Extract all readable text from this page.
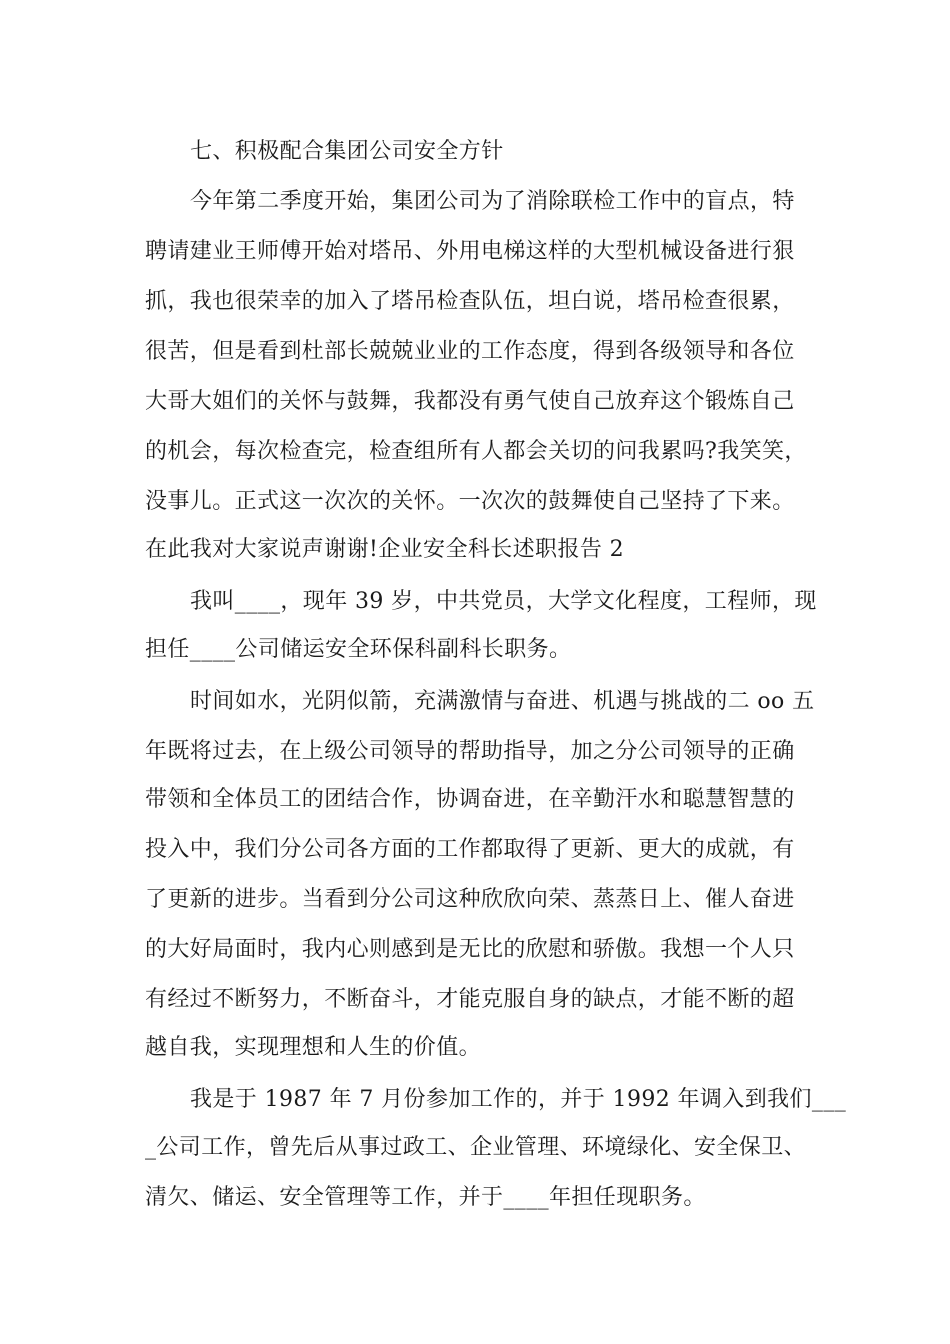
七、积极配合集团公司安全方针
今年第二季度开始，集团公司为了消除联检工作中的盲点，特
聘请建业王师傅开始对塔吊、外用电梯这样的大型机械设备进行狠
抓，我也很荣幸的加入了塔吊检查队伍，坦白说，塔吊检查很累，
很苦，但是看到杜部长兢兢业业的工作态度，得到各级领导和各位
大哥大姐们的关怀与鼓舞，我都没有勇气使自己放弃这个锻炼自己
的机会，每次检查完，检查组所有人都会关切的问我累吗?我笑笑，
没事儿。正式这一次次的关怀。一次次的鼓舞使自己坚持了下来。
在此我对大家说声谢谢!企业安全科长述职报告 2
我叫____，现年 39 岁，中共党员，大学文化程度，工程师，现
担任____公司储运安全环保科副科长职务。
时间如水，光阴似箭，充满激情与奋进、机遇与挑战的二 oo 五
年既将过去，在上级公司领导的帮助指导，加之分公司领导的正确
带领和全体员工的团结合作，协调奋进，在辛勤汗水和聪慧智慧的
投入中，我们分公司各方面的工作都取得了更新、更大的成就，有
了更新的进步。当看到分公司这种欣欣向荣、蒸蒸日上、催人奋进
的大好局面时，我内心则感到是无比的欣慰和骄傲。我想一个人只
有经过不断努力，不断奋斗，才能克服自身的缺点，才能不断的超
越自我，实现理想和人生的价值。
我是于 1987 年 7 月份参加工作的，并于 1992 年调入到我们___
_公司工作，曾先后从事过政工、企业管理、环境绿化、安全保卫、
清欠、储运、安全管理等工作，并于____年担任现职务。
